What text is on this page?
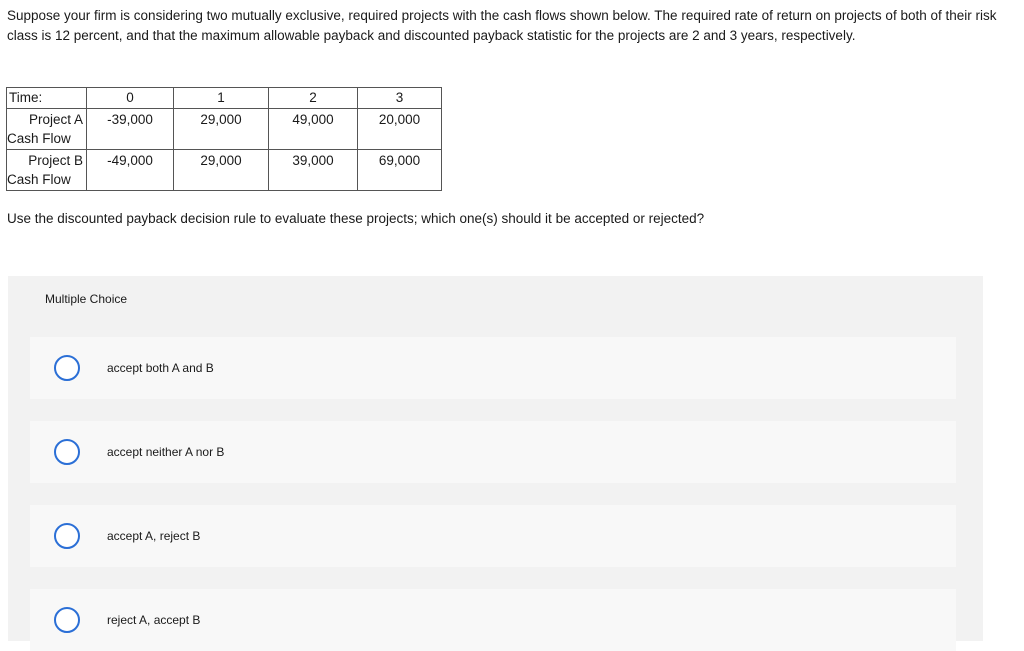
Suppose your firm is considering two mutually exclusive, required projects with the cash flows shown below. The required rate of return on projects of both of their risk class is 12 percent, and that the maximum allowable payback and discounted payback statistic for the projects are 2 and 3 years, respectively.
Time:	0	1	2	3

Project A
Cash Flow	-39,000	29,000	49,000	20,000

Project B
Cash Flow	-49,000	29,000	39,000	69,000
Use the discounted payback decision rule to evaluate these projects; which one(s) should it be accepted or rejected?
Multiple Choice
accept both A and B
accept neither A nor B
accept A, reject B
reject A, accept B
